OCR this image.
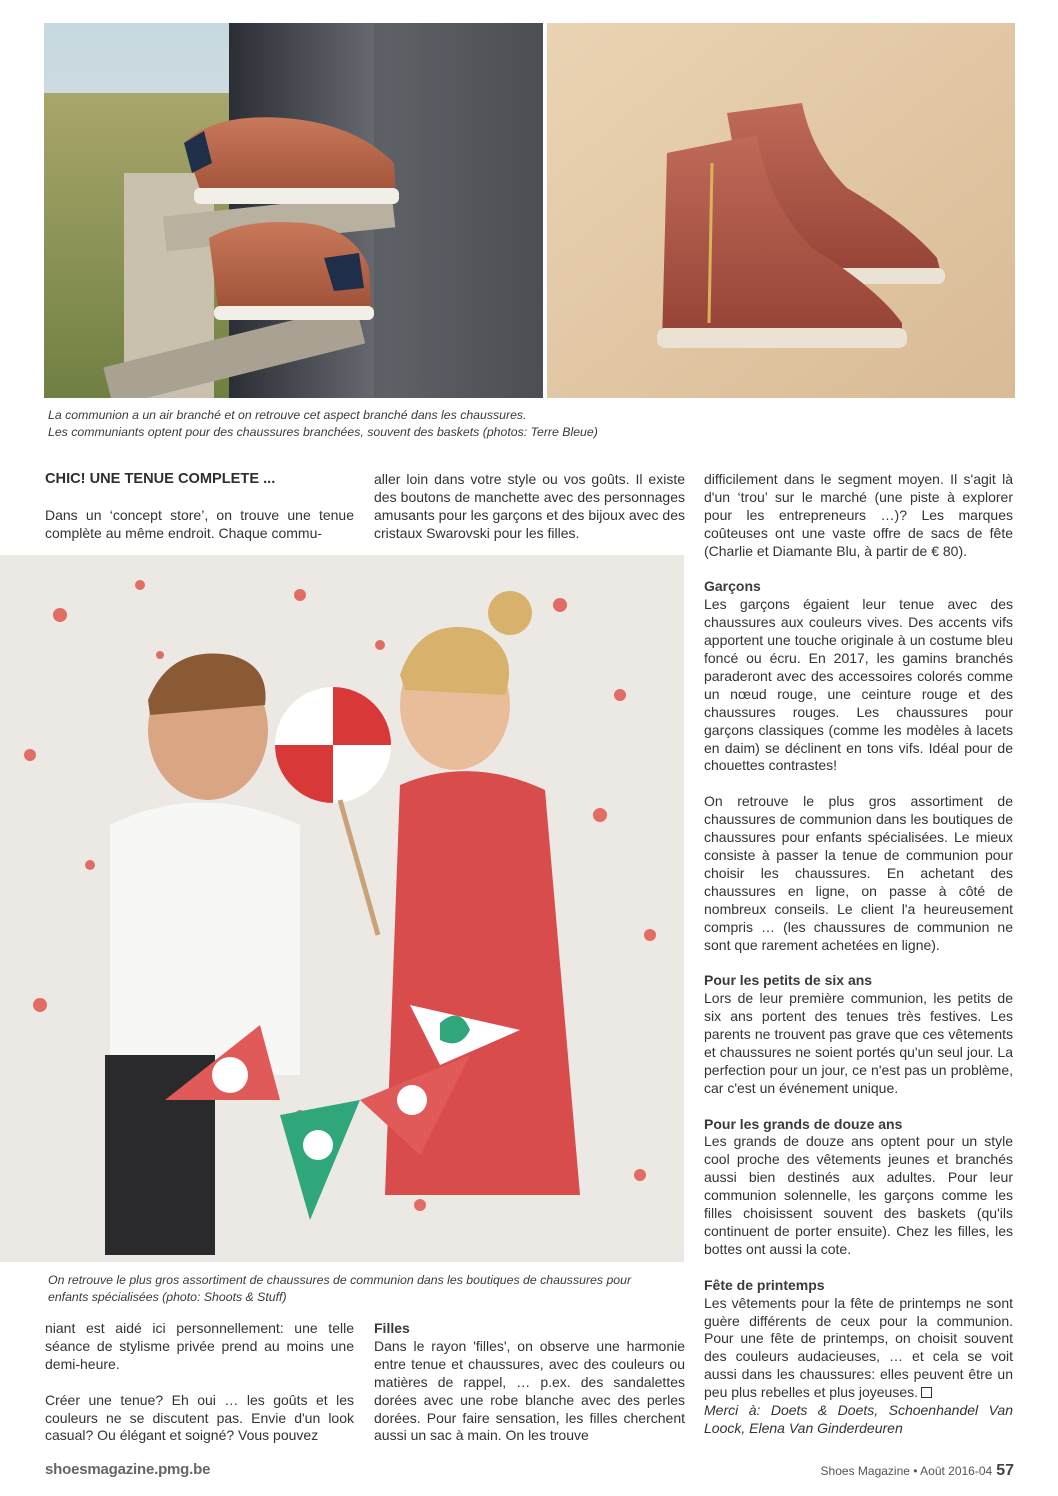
La communion a un air branché et on retrouve cet aspect branché dans les chaussures.

Les communiants optent pour des chaussures branchées, souvent des baskets (photos: Terre Bleue)

CHIC! UNE TENUE COMPLETE ...

Dans un ‘concept store’, on trouve une tenue complète au même endroit. Chaque commu-

aller loin dans votre style ou vos goûts. Il existe des boutons de manchette avec des personnages amusants pour les garçons et des bijoux avec des cristaux Swarovski pour les filles.

On retrouve le plus gros assortiment de chaussures de communion dans les boutiques de chaussures pour

enfants spécialisées (photo: Shoots & Stuff)

niant est aidé ici personnellement: une telle séance de stylisme privée prend au moins une demi-heure.

Créer une tenue? Eh oui … les goûts et les couleurs ne se discutent pas. Envie d'un look casual? Ou élégant et soigné? Vous pouvez

Filles

Dans le rayon 'filles', on observe une harmonie entre tenue et chaussures, avec des couleurs ou matières de rappel, … p.ex. des sandalettes dorées avec une robe blanche avec des perles dorées. Pour faire sensation, les filles cherchent aussi un sac à main. On les trouve

difficilement dans le segment moyen. Il s'agit là d'un ‘trou’ sur le marché (une piste à explorer pour les entrepreneurs …)? Les marques coûteuses ont une vaste offre de sacs de fête (Charlie et Diamante Blu, à partir de € 80).

Garçons

Les garçons égaient leur tenue avec des chaussures aux couleurs vives. Des accents vifs apportent une touche originale à un costume bleu foncé ou écru. En 2017, les gamins branchés paraderont avec des accessoires colorés comme un nœud rouge, une ceinture rouge et des chaussures rouges. Les chaussures pour garçons classiques (comme les modèles à lacets en daim) se déclinent en tons vifs. Idéal pour de chouettes contrastes!

On retrouve le plus gros assortiment de chaussures de communion dans les boutiques de chaussures pour enfants spécialisées. Le mieux consiste à passer la tenue de communion pour choisir les chaussures. En achetant des chaussures en ligne, on passe à côté de nombreux conseils. Le client l'a heureusement compris … (les chaussures de communion ne sont que rarement achetées en ligne).

Pour les petits de six ans

Lors de leur première communion, les petits de six ans portent des tenues très festives. Les parents ne trouvent pas grave que ces vêtements et chaussures ne soient portés qu'un seul jour. La perfection pour un jour, ce n'est pas un problème, car c'est un événement unique.

Pour les grands de douze ans

Les grands de douze ans optent pour un style cool proche des vêtements jeunes et branchés aussi bien destinés aux adultes. Pour leur communion solennelle, les garçons comme les filles choisissent souvent des baskets (qu'ils continuent de porter ensuite). Chez les filles, les bottes ont aussi la cote.

Fête de printemps

Les vêtements pour la fête de printemps ne sont guère différents de ceux pour la communion. Pour une fête de printemps, on choisit souvent des couleurs audacieuses, … et cela se voit aussi dans les chaussures: elles peuvent être un peu plus rebelles et plus joyeuses.

Merci à: Doets & Doets, Schoenhandel Van Loock, Elena Van Ginderdeuren

shoesmagazine.pmg.be	Shoes Magazine • Août 2016-04 57
